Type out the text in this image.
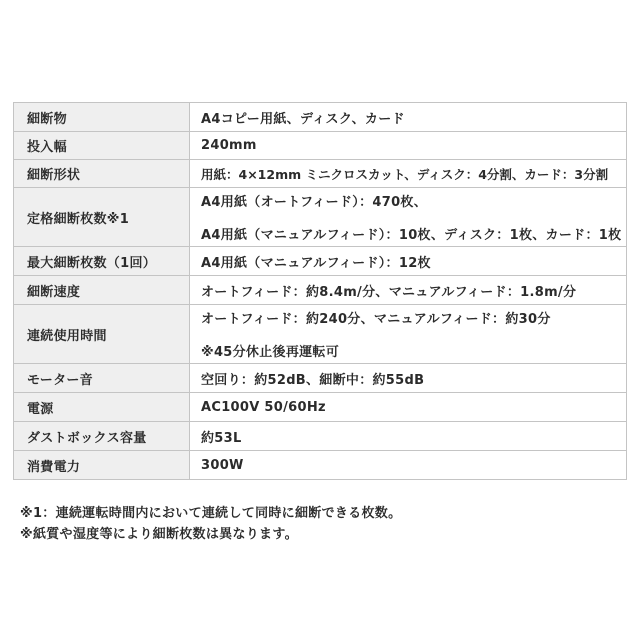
細断物	A4コピー用紙、ディスク、カード

投入幅	240mm

細断形状	用紙：4×12mm ミニクロスカット、ディスク：4分割、カード：3分割

定格細断枚数※1	A4用紙（オートフィード）：470枚、
A4用紙（マニュアルフィード）：10枚、ディスク：1枚、カード：1枚

最大細断枚数（1回）	A4用紙（マニュアルフィード）：12枚

細断速度	オートフィード：約8.4m/分、マニュアルフィード：1.8m/分

連続使用時間	オートフィード：約240分、マニュアルフィード：約30分
※45分休止後再運転可

モーター音	空回り：約52dB、細断中：約55dB

電源	AC100V 50/60Hz

ダストボックス容量	約53L

消費電力	300W
※1：連続運転時間内において連続して同時に細断できる枚数。
※紙質や湿度等により細断枚数は異なります。
